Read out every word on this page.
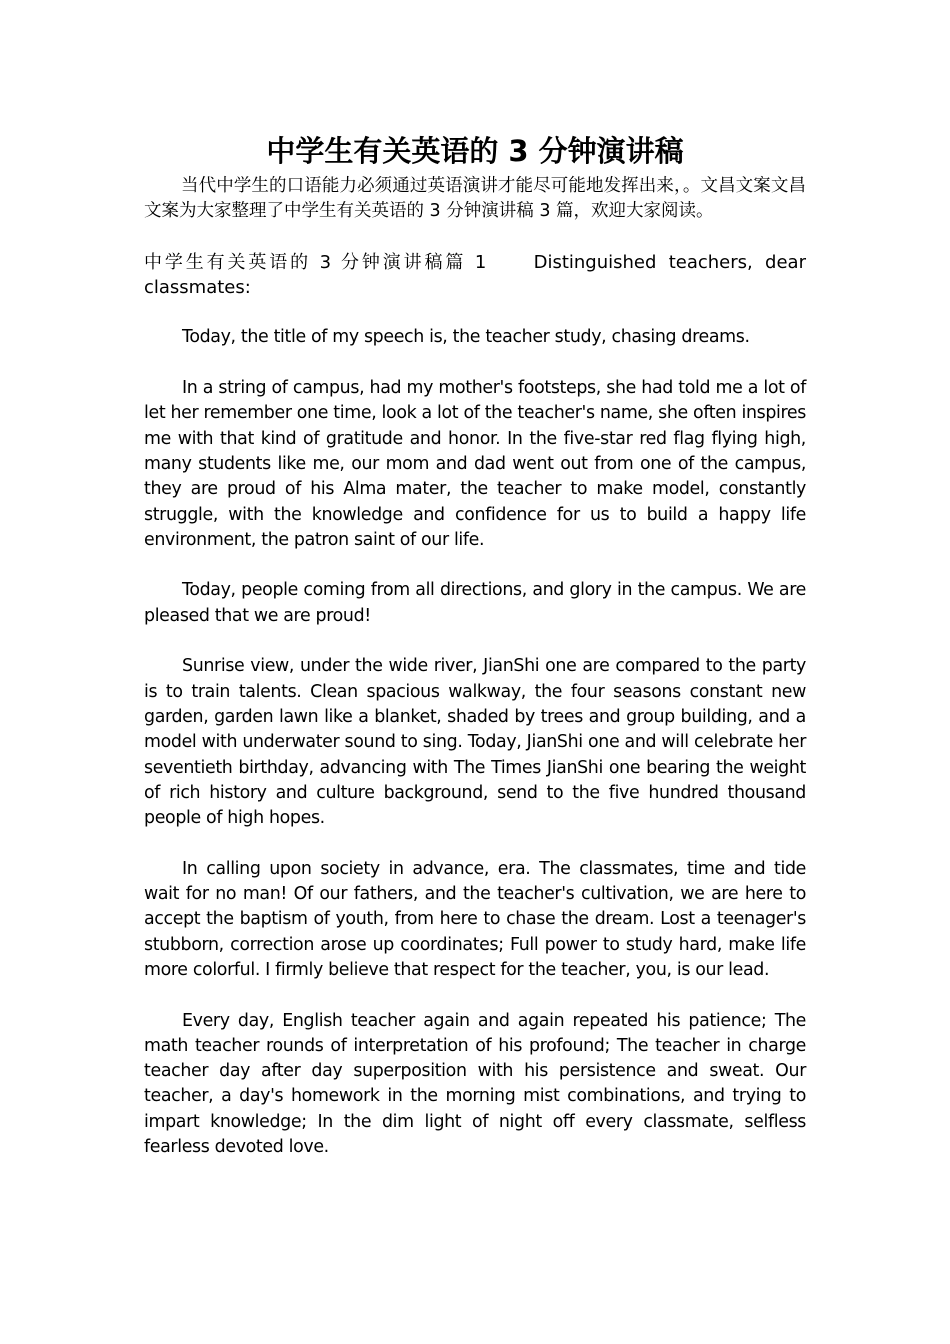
中学生有关英语的 3 分钟演讲稿

当代中学生的口语能力必须通过英语演讲才能尽可能地发挥出来，。文昌文案文昌文案为大家整理了中学生有关英语的 3 分钟演讲稿 3 篇，欢迎大家阅读。

中学生有关英语的 3 分钟演讲稿篇 1	Distinguished teachers, dear classmates:

Today, the title of my speech is, the teacher study, chasing dreams.

In a string of campus, had my mother's footsteps, she had told me a lot of let her remember one time, look a lot of the teacher's name, she often inspires me with that kind of gratitude and honor. In the five-star red flag flying high, many students like me, our mom and dad went out from one of the campus, they are proud of his Alma mater, the teacher to make model, constantly struggle, with the knowledge and confidence for us to build a happy life environment, the patron saint of our life.

Today, people coming from all directions, and glory in the campus. We are pleased that we are proud!

Sunrise view, under the wide river, JianShi one are compared to the party is to train talents. Clean spacious walkway, the four seasons constant new garden, garden lawn like a blanket, shaded by trees and group building, and a model with underwater sound to sing. Today, JianShi one and will celebrate her seventieth birthday, advancing with The Times JianShi one bearing the weight of rich history and culture background, send to the five hundred thousand people of high hopes.

In calling upon society in advance, era. The classmates, time and tide wait for no man! Of our fathers, and the teacher's cultivation, we are here to accept the baptism of youth, from here to chase the dream. Lost a teenager's stubborn, correction arose up coordinates; Full power to study hard, make life more colorful. I firmly believe that respect for the teacher, you, is our lead.

Every day, English teacher again and again repeated his patience; The math teacher rounds of interpretation of his profound; The teacher in charge teacher day after day superposition with his persistence and sweat. Our teacher, a day's homework in the morning mist combinations, and trying to impart knowledge; In the dim light of night off every classmate, selfless fearless devoted love.
